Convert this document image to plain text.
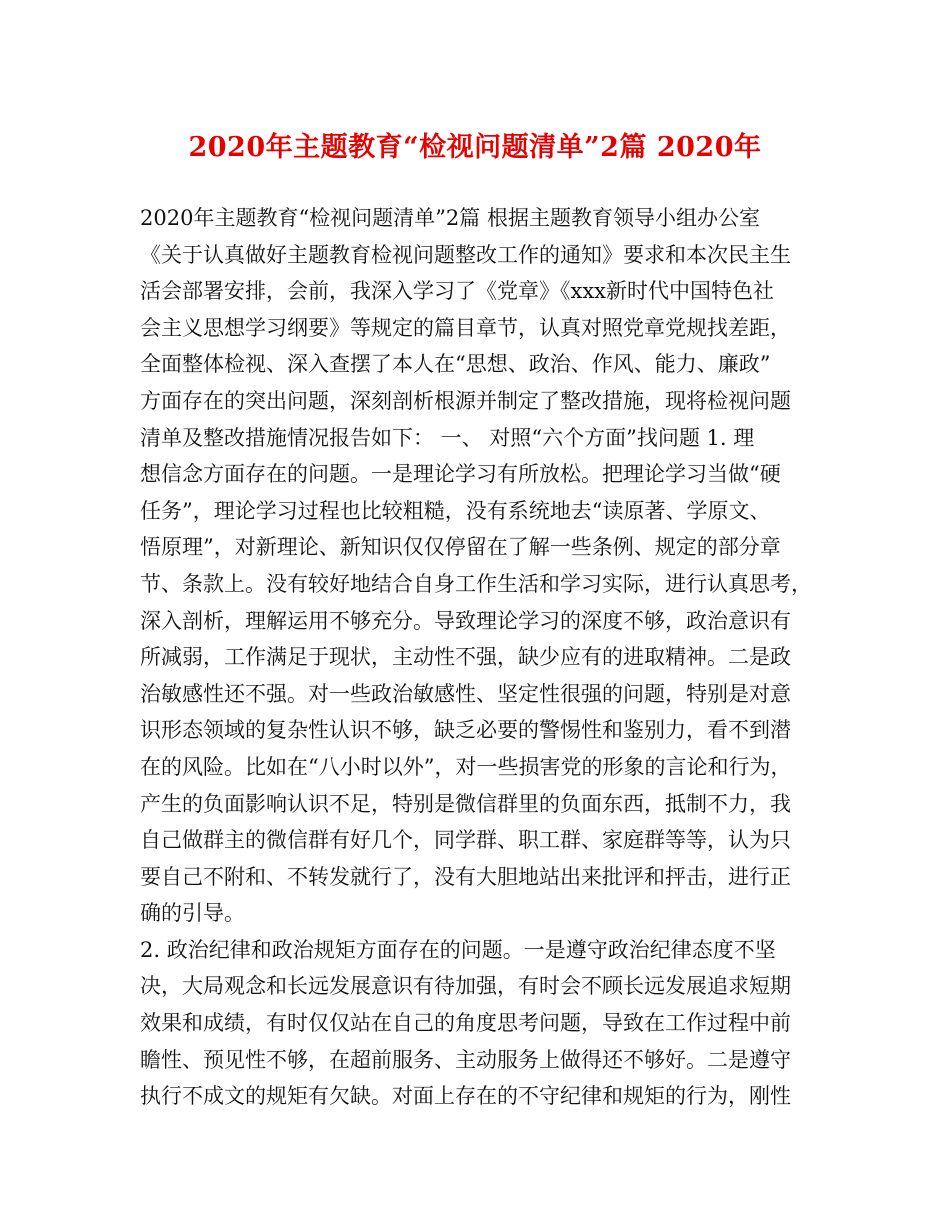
2020年主题教育“检视问题清单”2篇 2020年
2020年主题教育“检视问题清单”2篇 根据主题教育领导小组办公室
《关于认真做好主题教育检视问题整改工作的通知》要求和本次民主生
活会部署安排，会前，我深入学习了《党章》《xxx新时代中国特色社
会主义思想学习纲要》等规定的篇目章节，认真对照党章党规找差距，
全面整体检视、深入查摆了本人在“思想、政治、作风、能力、廉政”
方面存在的突出问题，深刻剖析根源并制定了整改措施，现将检视问题
清单及整改措施情况报告如下： 一、 对照“六个方面”找问题 1. 理
想信念方面存在的问题。一是理论学习有所放松。把理论学习当做“硬
任务”，理论学习过程也比较粗糙，没有系统地去“读原著、学原文、
悟原理”，对新理论、新知识仅仅停留在了解一些条例、规定的部分章
节、条款上。没有较好地结合自身工作生活和学习实际，进行认真思考，
深入剖析，理解运用不够充分。导致理论学习的深度不够，政治意识有
所减弱，工作满足于现状，主动性不强，缺少应有的进取精神。二是政
治敏感性还不强。对一些政治敏感性、坚定性很强的问题，特别是对意
识形态领域的复杂性认识不够，缺乏必要的警惕性和鉴别力，看不到潜
在的风险。比如在“八小时以外”，对一些损害党的形象的言论和行为，
产生的负面影响认识不足，特别是微信群里的负面东西，抵制不力，我
自己做群主的微信群有好几个，同学群、职工群、家庭群等等，认为只
要自己不附和、不转发就行了，没有大胆地站出来批评和抨击，进行正
确的引导。
2. 政治纪律和政治规矩方面存在的问题。一是遵守政治纪律态度不坚
决，大局观念和长远发展意识有待加强，有时会不顾长远发展追求短期
效果和成绩，有时仅仅站在自己的角度思考问题，导致在工作过程中前
瞻性、预见性不够，在超前服务、主动服务上做得还不够好。二是遵守
执行不成文的规矩有欠缺。对面上存在的不守纪律和规矩的行为，刚性
